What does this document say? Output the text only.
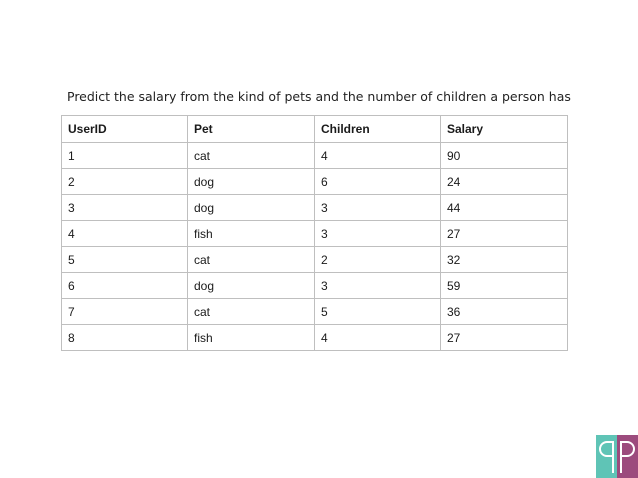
Predict the salary from the kind of pets and the number of children a person has
UserID	Pet	Children	Salary
1	cat	4	90
2	dog	6	24
3	dog	3	44
4	fish	3	27
5	cat	2	32
6	dog	3	59
7	cat	5	36
8	fish	4	27
